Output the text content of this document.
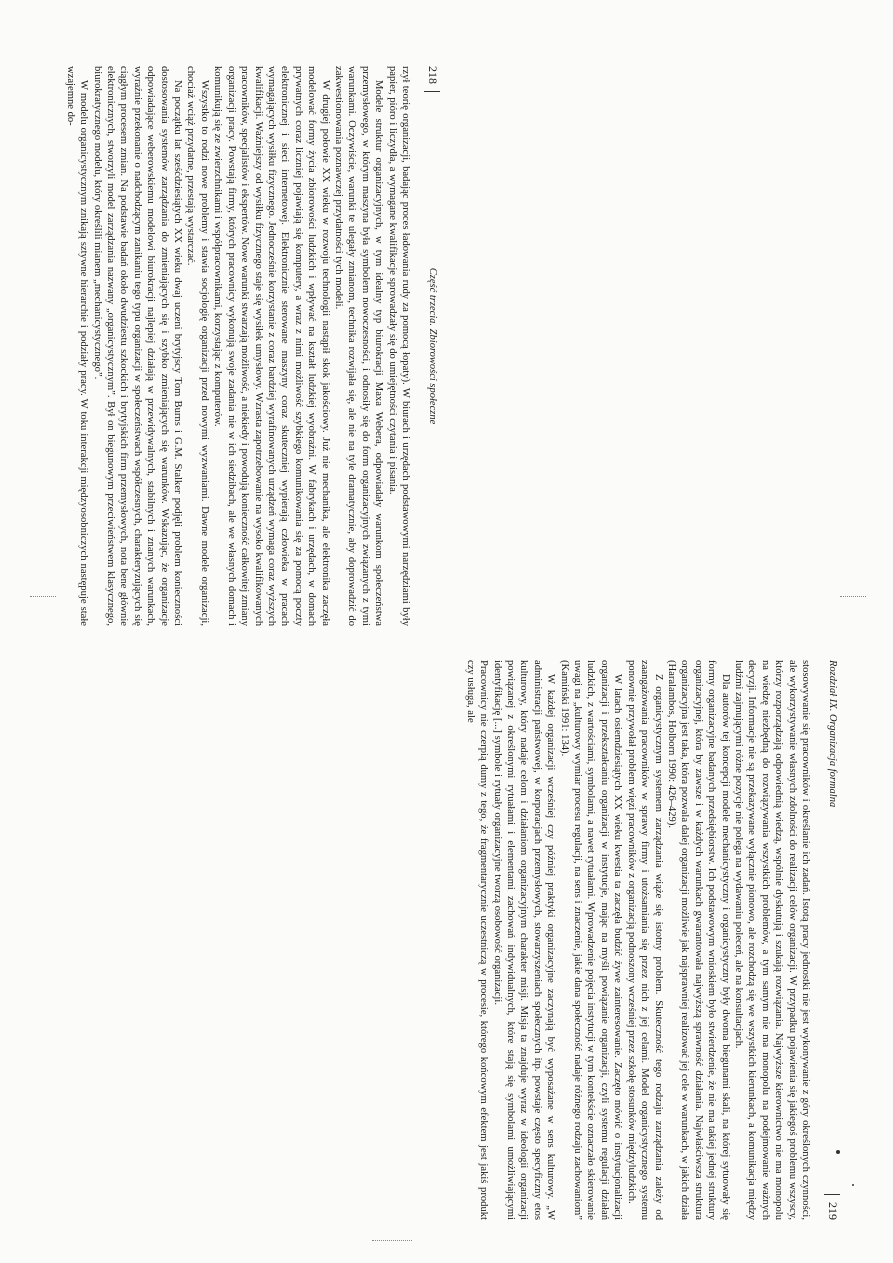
218
Część trzecia. Zbiorowości społeczne

rzył teorię organizacji, badając proces ładowania rudy za pomocą łopaty). W biurach i urzędach podstawowymi narzędziami były papier, pióro i liczydła, a wymagane kwalifikacje sprowadzały się do umiejętności czytania i pisania.

Modele struktur organizacyjnych, w tym idealny typ biurokracji Maxa Webera, odpowiadały warunkom społeczeństwa przemysłowego, w którym maszyna była symbolem nowoczesności, i odnosiły się do form organizacyjnych związanych z tymi warunkami. Oczywiście, warunki te ulegały zmianom, technika rozwijała się, ale nie na tyle dramatycznie, aby doprowadzić do zakwestionowania poznawczej przydatności tych modeli.

W drugiej połowie XX wieku w rozwoju technologii nastąpił skok jakościowy. Już nie mechanika, ale elektronika zaczęła modelować formy życia zbiorowości ludzkich i wpływać na kształt ludzkiej wyobraźni. W fabrykach i urzędach, w domach prywatnych coraz liczniej pojawiają się komputery, a wraz z nimi możliwość szybkiego komunikowania się za pomocą poczty elektronicznej i sieci internetowej. Elektronicznie sterowane maszyny coraz skuteczniej wypierają człowieka w pracach wymagających wysiłku fizycznego. Jednocześnie korzystanie z coraz bardziej wyrafinowanych urządzeń wymaga coraz wyższych kwalifikacji. Ważniejszy od wysiłku fizycznego staje się wysiłek umysłowy. Wzrasta zapotrzebowanie na wysoko kwalifikowanych pracowników, specjalistów i ekspertów. Nowe warunki stwarzają możliwość, a niekiedy i powodują konieczność całkowitej zmiany organizacji pracy. Powstają firmy, których pracownicy wykonują swoje zadania nie w ich siedzibach, ale we własnych domach i komunikują się ze zwierzchnikami i współpracownikami, korzystając z komputerów.

Wszystko to rodzi nowe problemy i stawia socjologię organizacji przed nowymi wyzwaniami. Dawne modele organizacji, chociaż wciąż przydatne, przestają wystarczać.

Na początku lat sześćdziesiątych XX wieku dwaj uczeni brytyjscy Tom Burns i G.M. Stalker podjęli problem konieczności dostosowania systemów zarządzania do zmieniających się i szybko zmieniających się warunków. Wskazując, że organizacje odpowiadające weberowskiemu modelowi biurokracji najlepiej działają w przewidywalnych, stabilnych i znanych warunkach, wyraźnie przekonanie o nadchodzącym zanikaniu tego typu organizacji w społeczeństwach współczesnych, charakteryzujących się ciągłym procesem zmian. Na podstawie badań około dwudziestu szkockich i brytyjskich firm przemysłowych, nota bene głównie elektronicznych, stworzyli model zarządzania nazwany „organicystycznym”. Był on biegunowym przeciwieństwem klasycznego, biurokratycznego modelu, który określili mianem „mechanicystycznego”.

W modelu organicystycznym znikają sztywne hierarchie i podziały pracy. W toku interakcji międzyosobniczych następuje stałe wzajemne do-

Rozdział IX. Organizacja formalna
219

stosowywanie się pracowników i określanie ich zadań. Istotą pracy jednostki nie jest wykonywanie z góry określonych czynności, ale wykorzystywanie własnych zdolności do realizacji celów organizacji. W przypadku pojawienia się jakiegoś problemu wszyscy, którzy rozporządzają odpowiednią wiedzą, wspólnie dyskutują i szukają rozwiązania. Najwyższe kierownictwo nie ma monopolu na wiedzę niezbędną do rozwiązywania wszystkich problemów, a tym samym nie ma monopolu na podejmowanie ważnych decyzji. Informacje nie są przekazywane wyłącznie pionowo, ale rozchodzą się we wszystkich kierunkach, a komunikacja między ludźmi zajmującymi różne pozycje nie polega na wydawaniu poleceń, ale na konsultacjach.

Dla autorów tej koncepcji modele mechanicystyczny i organicystyczny były dwoma biegunami skali, na której sytuowały się formy organizacyjne badanych przedsiębiorstw. Ich podstawowym wnioskiem było stwierdzenie, że nie ma takiej jednej struktury organizacyjnej, która by zawsze i w każdych warunkach gwarantowała najwyższą sprawność działania. Najwłaściwsza struktura organizacyjna jest taka, która pozwala dalej organizacji możliwie jak najsprawniej realizować jej cele w warunkach, w jakich działa (Haralambos, Holborn 1990: 426–429).

Z organicystycznym systemem zarządzania wiąże się istotny problem. Skuteczność tego rodzaju zarządzania zależy od zaangażowania pracowników w sprawy firmy i utożsamiania się przez nich z jej celami. Model organicystycznego systemu ponownie przywołał problem więzi pracowników z organizacją podnoszony wcześniej przez szkołę stosunków międzyludzkich.

W latach osiemdziesiątych XX wieku kwestia ta zaczęła budzić żywe zainteresowanie. Zaczęto mówić o instytucjonalizacji organizacji i przekształcaniu organizacji w instytucje, mając na myśli powiązanie organizacji, czyli systemu regulacji działań ludzkich, z wartościami, symbolami, a nawet rytuałami. Wprowadzenie pojęcia instytucji w tym kontekście oznaczało skierowanie uwagi na „kulturowy wymiar procesu regulacji, na sens i znaczenie, jakie dana społeczność nadaje różnego rodzaju zachowaniom” (Kamiński 1991: 134).

W każdej organizacji wcześniej czy później praktyki organizacyjne zaczynają być wyposażane w sens kulturowy. „W administracji państwowej, w korporacjach przemysłowych, stowarzyszeniach społecznych itp. powstaje często specyficzny etos kulturowy, który nadaje celom i działaniom organizacyjnym charakter misji. Misja ta znajduje wyraz w ideologii organizacji powiązanej z określonymi rytuałami i elementami zachowań indywidualnych, które stają się symbolami umożliwiającymi identyfikację [...] symbole i rytuały organizacyjne tworzą osobowość organizacji.

Pracownicy nie czerpią dumy z tego, że fragmentarycznie uczestniczą w procesie, którego końcowym efektem jest jakiś produkt czy usługa, ale
